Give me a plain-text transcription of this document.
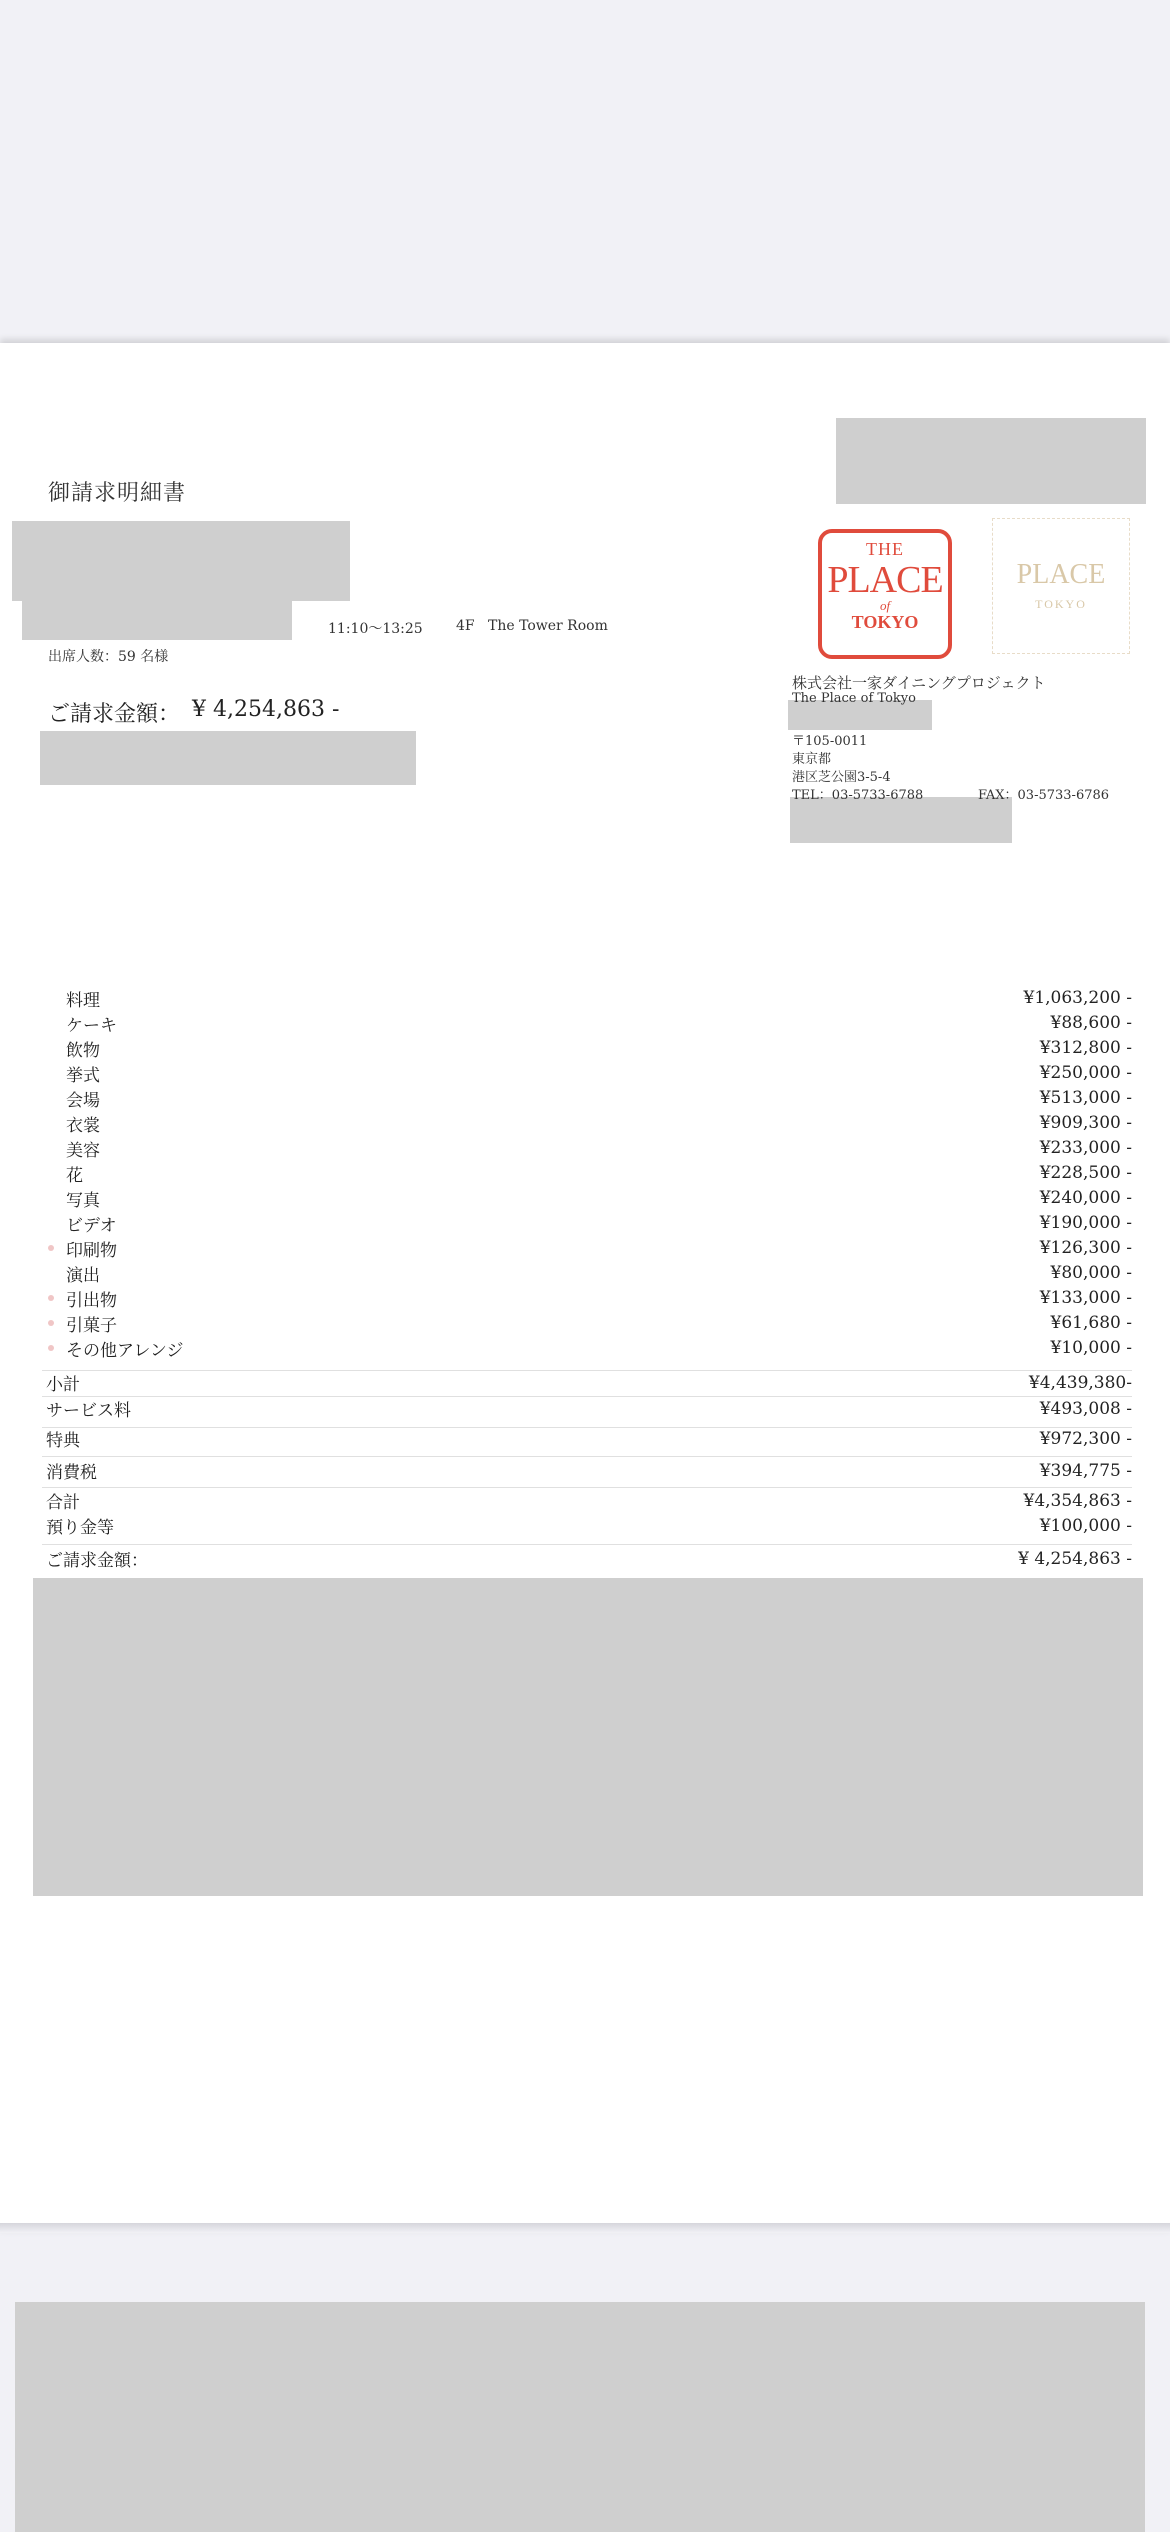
御請求明細書
11:10〜13:25 4F The Tower Room
出席人数：59 名様
ご請求金額： ¥ 4,254,863 -
THE
PLACE
of
TOKYO
PLACE
TOKYO
株式会社一家ダイニングプロジェクト
The Place of Tokyo
〒105-0011
東京都
港区芝公園3-5-4
TEL：03-5733-6788	FAX：03-5733-6786
料理	¥1,063,200 -
ケーキ	¥88,600 -
飲物	¥312,800 -
挙式	¥250,000 -
会場	¥513,000 -
衣裳	¥909,300 -
美容	¥233,000 -
花	¥228,500 -
写真	¥240,000 -
ビデオ	¥190,000 -
印刷物	¥126,300 -
演出	¥80,000 -
引出物	¥133,000 -
引菓子	¥61,680 -
その他アレンジ	¥10,000 -
小計	¥4,439,380-
サービス料	¥493,008 -
特典	¥972,300 -
消費税	¥394,775 -
合計	¥4,354,863 -
預り金等	¥100,000 -
ご請求金額：	¥ 4,254,863 -
